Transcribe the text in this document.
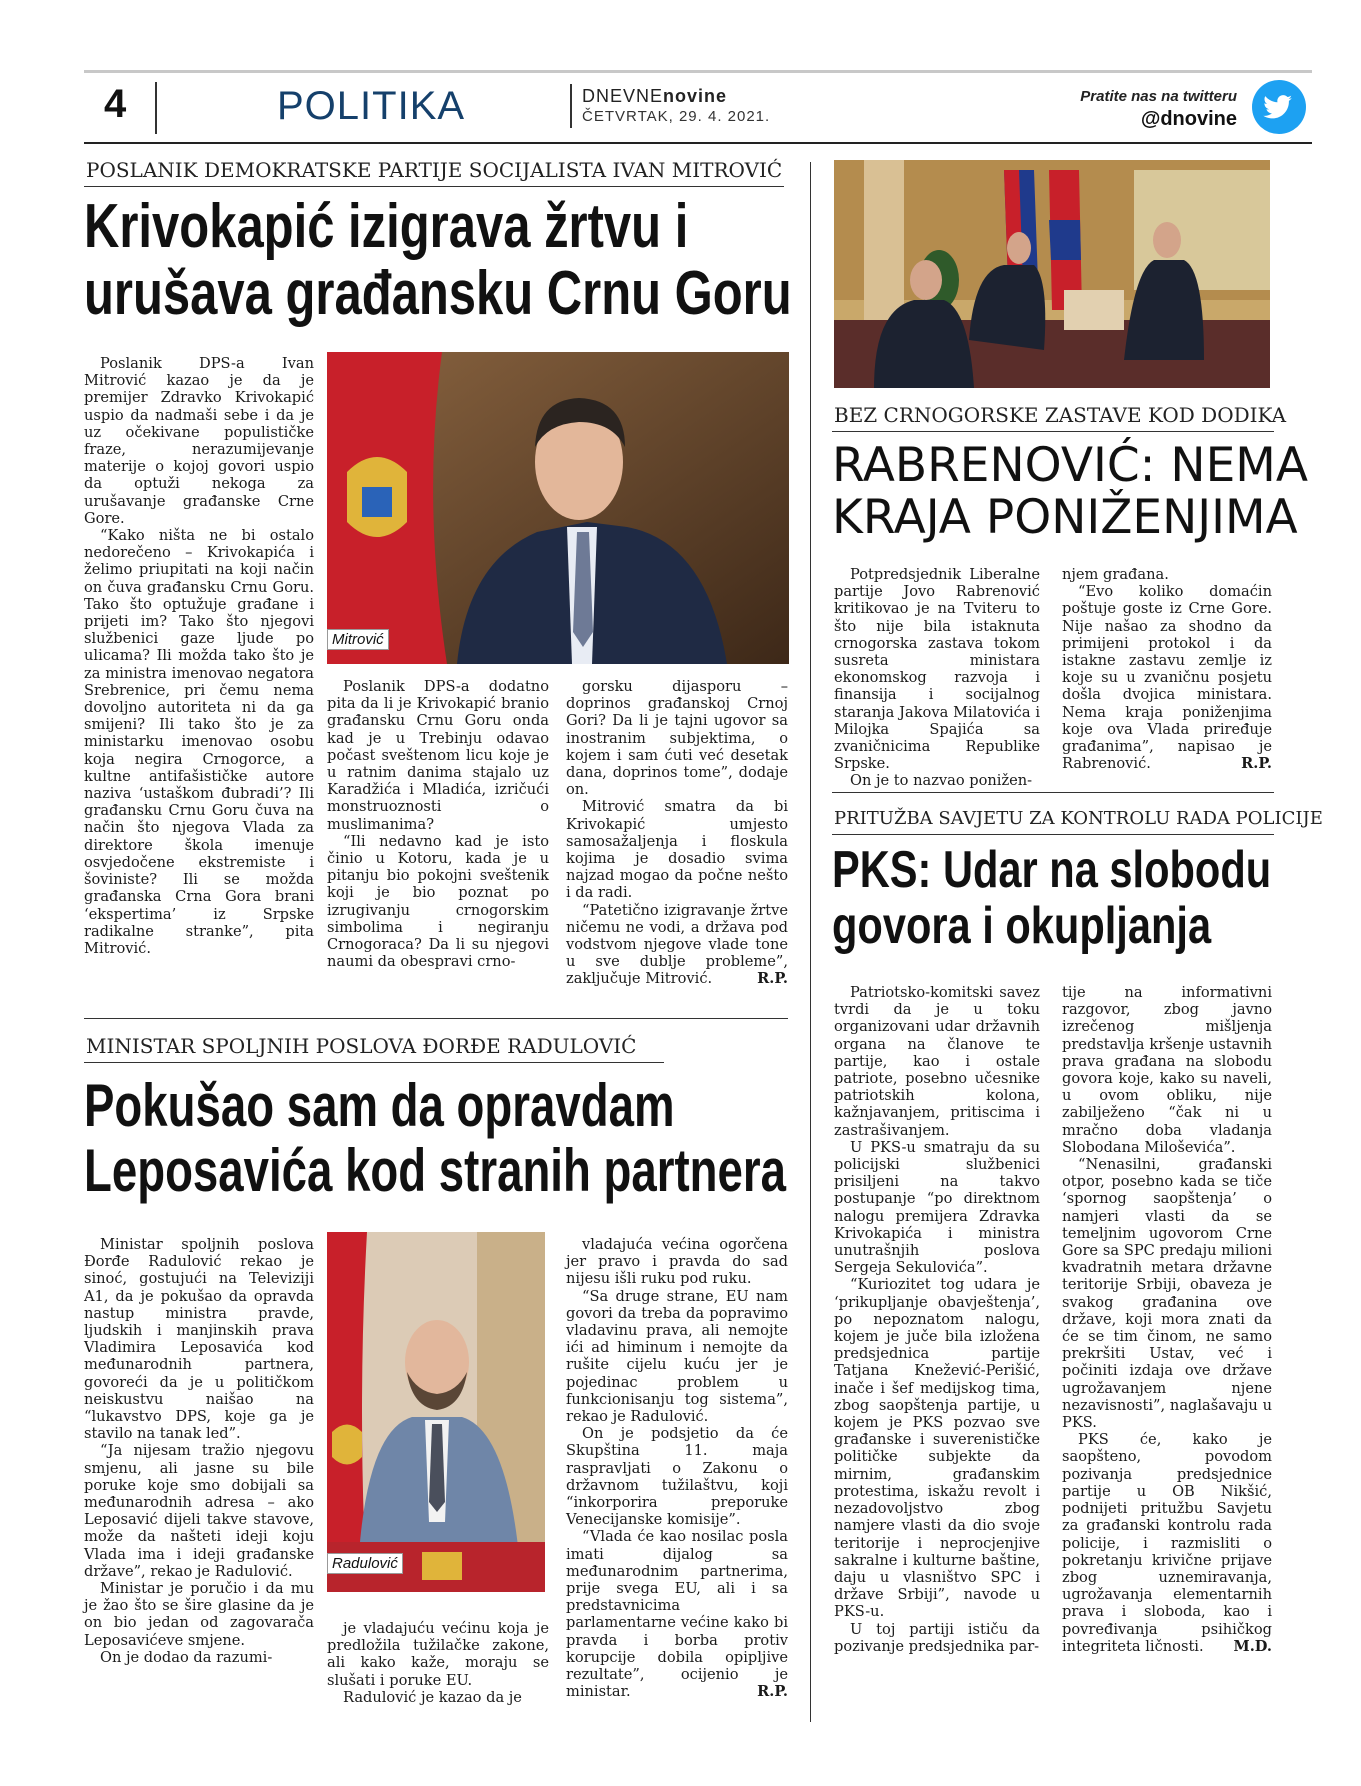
4	POLITIKA	DNEVNEnovine
ČETVRTAK, 29. 4. 2021.
Pratite nas na twitteru
@dnovine
POSLANIK DEMOKRATSKE PARTIJE SOCIJALISTA IVAN MITROVIĆ
Krivokapić izigrava žrtvu i
urušava građansku Crnu Goru
Mitrović

Poslanik DPS-a Ivan Mitrović kazao je da je premijer Zdravko Krivokapić uspio da nadmaši sebe i da je uz očekivane populističke fraze, nerazumijevanje materije o kojoj govori uspio da optuži nekoga za urušavanje građanske Crne Gore.

“Kako ništa ne bi ostalo nedorečeno – Krivokapića i želimo priupitati na koji način on čuva građansku Crnu Goru. Tako što optužuje građane i prijeti im? Tako što njegovi službenici gaze ljude po ulicama? Ili možda tako što je za ministra imenovao negatora Srebrenice, pri čemu nema dovoljno autoriteta ni da ga smijeni? Ili tako što je za ministarku imenovao osobu koja negira Crnogorce, a kultne antifašističke autore naziva ‘ustaškom đubradi’? Ili građansku Crnu Goru čuva na način što njegova Vlada za direktore škola imenuje osvjedočene ekstremiste i šoviniste? Ili se možda građanska Crna Gora brani ‘ekspertima’ iz Srpske radikalne stranke”, pita Mitrović.

Poslanik DPS-a dodatno pita da li je Krivokapić branio građansku Crnu Goru onda kad je u Trebinju odavao počast sveštenom licu koje je u ratnim danima stajalo uz Karadžića i Mladića, izričući monstruoznosti o muslimanima?

“Ili nedavno kad je isto činio u Kotoru, kada je u pitanju bio pokojni sveštenik koji je bio poznat po izrugivanju crnogorskim simbolima i negiranju Crnogoraca? Da li su njegovi naumi da obespravi crno-

gorsku dijasporu – doprinos građanskoj Crnoj Gori? Da li je tajni ugovor sa inostranim subjektima, o kojem i sam ćuti već desetak dana, doprinos tome”, dodaje on.

Mitrović smatra da bi Krivokapić umjesto samosažaljenja i floskula kojima je dosadio svima najzad mogao da počne nešto i da radi.

“Patetično izigravanje žrtve ničemu ne vodi, a država pod vodstvom njegove vlade tone u sve dublje probleme”, zaključuje Mitrović.	R.P.

MINISTAR SPOLJNIH POSLOVA ĐORĐE RADULOVIĆ
Pokušao sam da opravdam
Leposavića kod stranih partnera
Radulović

Ministar spoljnih poslova Đorđe Radulović rekao je sinoć, gostujući na Televiziji A1, da je pokušao da opravda nastup ministra pravde, ljudskih i manjinskih prava Vladimira Leposavića kod međunarodnih partnera, govoreći da je u političkom neiskustvu naišao na “lukavstvo DPS, koje ga je stavilo na tanak led”.

“Ja nijesam tražio njegovu smjenu, ali jasne su bile poruke koje smo dobijali sa međunarodnih adresa – ako Leposavić dijeli takve stavove, može da našteti ideji koju Vlada ima i ideji građanske države”, rekao je Radulović.

Ministar je poručio i da mu je žao što se šire glasine da je on bio jedan od zagovarača Leposavićeve smjene.

On je dodao da razumi-

je vladajuću većinu koja je predložila tužilačke zakone, ali kako kaže, moraju se slušati i poruke EU.

Radulović je kazao da je

vladajuća većina ogorčena jer pravo i pravda do sad nijesu išli ruku pod ruku.

“Sa druge strane, EU nam govori da treba da popravimo vladavinu prava, ali nemojte ići ad himinum i nemojte da rušite cijelu kuću jer je pojedinac problem u funkcionisanju tog sistema”, rekao je Radulović.

On je podsjetio da će Skupština 11. maja raspravljati o Zakonu o državnom tužilaštvu, koji “inkorporira preporuke Venecijanske komisije”.

“Vlada će kao nosilac posla imati dijalog sa međunarodnim partnerima, prije svega EU, ali i sa predstavnicima parlamentarne većine kako bi pravda i borba protiv korupcije dobila opipljive rezultate”, ocijenio je ministar.	R.P.

BEZ CRNOGORSKE ZASTAVE KOD DODIKA
RABRENOVIĆ: NEMA
KRAJA PONIŽENJIMA

Potpredsjednik Liberalne partije Jovo Rabrenović kritikovao je na Tviteru to što nije bila istaknuta crnogorska zastava tokom susreta ministara ekonomskog razvoja i finansija i socijalnog staranja Jakova Milatovića i Milojka Spajića sa zvaničnicima Republike Srpske.

On je to nazvao ponižen-

njem građana.

“Evo koliko domaćin poštuje goste iz Crne Gore. Nije našao za shodno da primijeni protokol i da istakne zastavu zemlje iz koje su u zvaničnu posjetu došla dvojica ministara. Nema kraja poniženjima koje ova Vlada priređuje građanima”, napisao je Rabrenović.	R.P.

PRITUŽBA SAVJETU ZA KONTROLU RADA POLICIJE
PKS: Udar na slobodu
govora i okupljanja

Patriotsko-komitski savez tvrdi da je u toku organizovani udar državnih organa na članove te partije, kao i ostale patriote, posebno učesnike patriotskih kolona, kažnjavanjem, pritiscima i zastrašivanjem.

U PKS-u smatraju da su policijski službenici prisiljeni na takvo postupanje “po direktnom nalogu premijera Zdravka Krivokapića i ministra unutrašnjih poslova Sergeja Sekulovića”.

“Kuriozitet tog udara je ‘prikupljanje obavještenja’, po nepoznatom nalogu, kojem je juče bila izložena predsjednica partije Tatjana Knežević-Perišić, inače i šef medijskog tima, zbog saopštenja partije, u kojem je PKS pozvao sve građanske i suverenističke političke subjekte da mirnim, građanskim protestima, iskažu revolt i nezadovoljstvo zbog namjere vlasti da dio svoje teritorije i neprocjenjive sakralne i kulturne baštine, daju u vlasništvo SPC i države Srbiji”, navode u PKS-u.

U toj partiji ističu da pozivanje predsjednika par-

tije na informativni razgovor, zbog javno izrečenog mišljenja predstavlja kršenje ustavnih prava građana na slobodu govora koje, kako su naveli, u ovom obliku, nije zabilježeno “čak ni u mračno doba vladanja Slobodana Miloševića”.

“Nenasilni, građanski otpor, posebno kada se tiče ‘spornog saopštenja’ o namjeri vlasti da se temeljnim ugovorom Crne Gore sa SPC predaju milioni kvadratnih metara državne teritorije Srbiji, obaveza je svakog građanina ove države, koji mora znati da će se tim činom, ne samo prekršiti Ustav, već i počiniti izdaja ove države ugrožavanjem njene nezavisnosti”, naglašavaju u PKS.

PKS će, kako je saopšteno, povodom pozivanja predsjednice partije u OB Nikšić, podnijeti pritužbu Savjetu za građanski kontrolu rada policije, i razmisliti o pokretanju krivične prijave zbog uznemiravanja, ugrožavanja elementarnih prava i sloboda, kao i povređivanja psihičkog integriteta ličnosti.	M.D.
